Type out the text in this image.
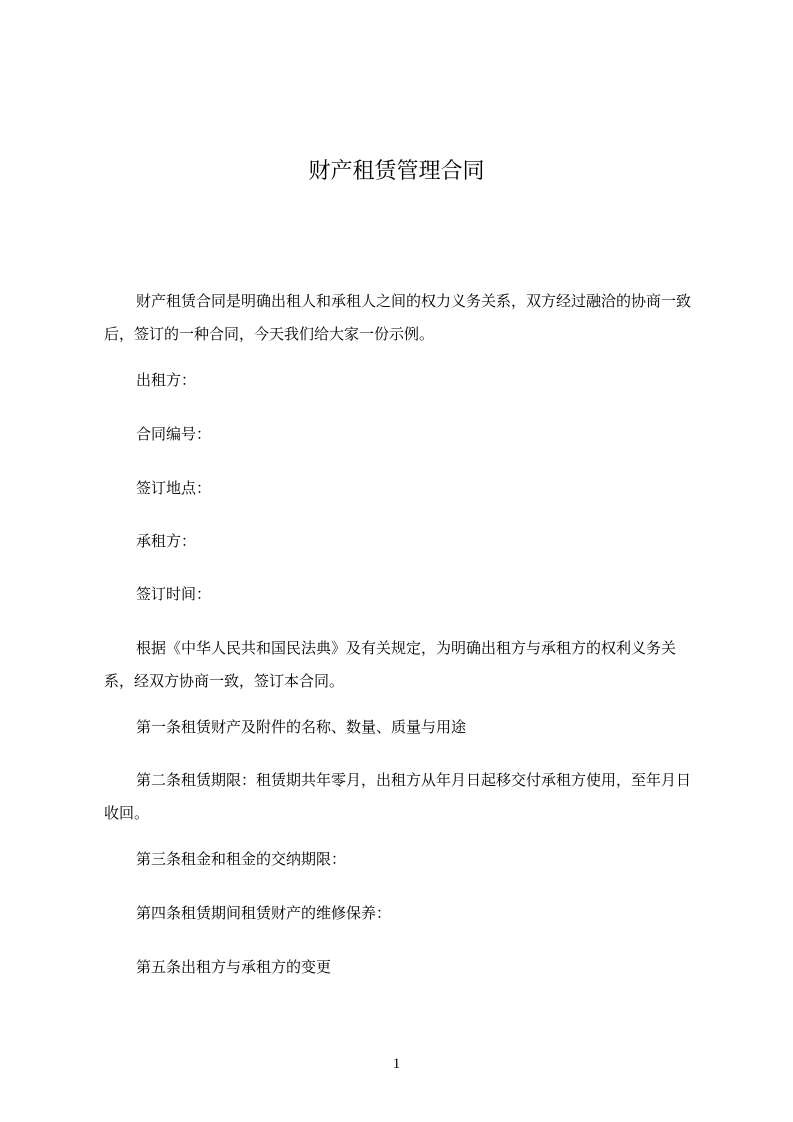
财产租赁管理合同

财产租赁合同是明确出租人和承租人之间的权力义务关系，双方经过融洽的协商一致后，签订的一种合同，今天我们给大家一份示例。

出租方：

合同编号：

签订地点：

承租方：

签订时间：

根据《中华人民共和国民法典》及有关规定，为明确出租方与承租方的权利义务关系，经双方协商一致，签订本合同。

第一条租赁财产及附件的名称、数量、质量与用途

第二条租赁期限：租赁期共年零月，出租方从年月日起移交付承租方使用，至年月日收回。

第三条租金和租金的交纳期限：

第四条租赁期间租赁财产的维修保养：

第五条出租方与承租方的变更

1
